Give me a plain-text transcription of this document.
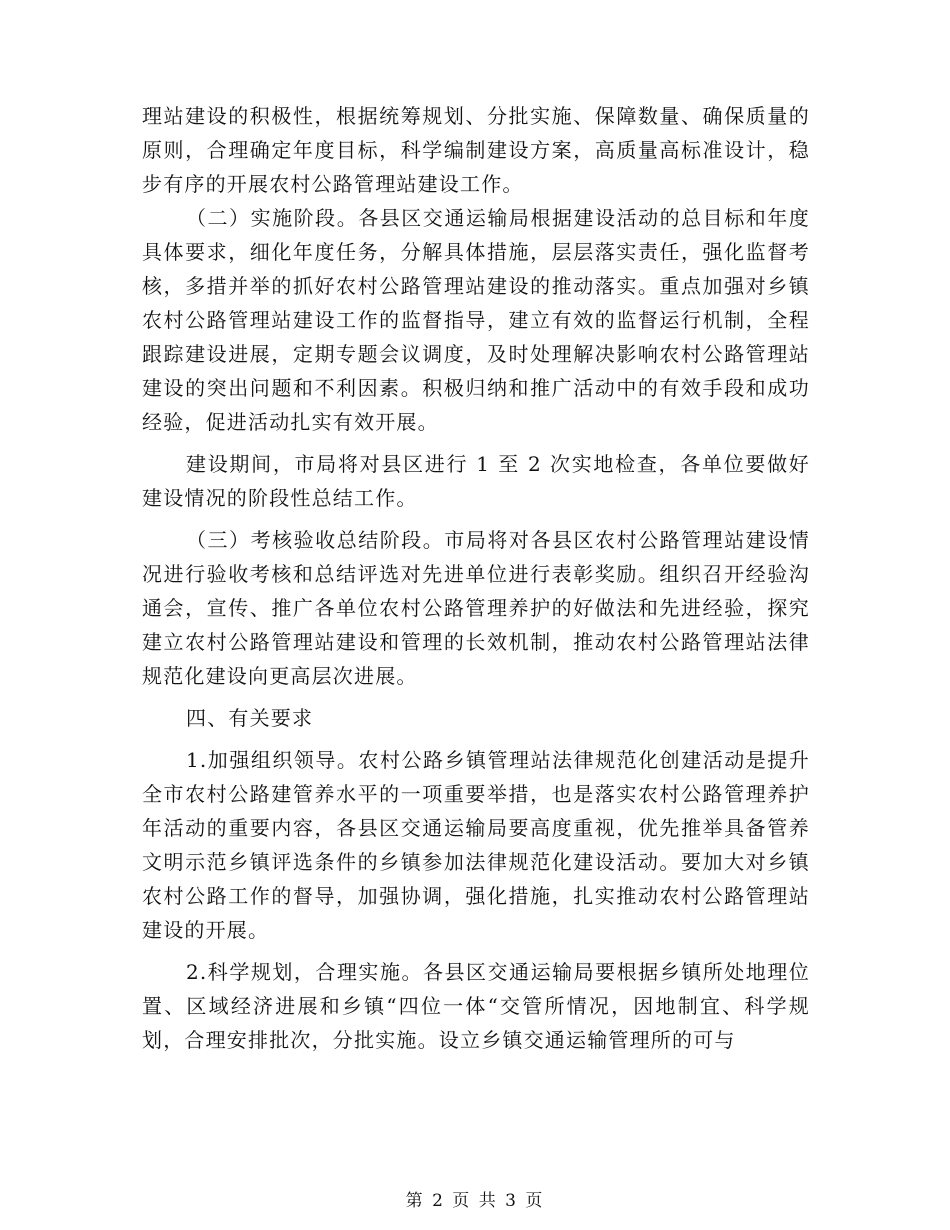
理站建设的积极性，根据统筹规划、分批实施、保障数量、确保质量的原则，合理确定年度目标，科学编制建设方案，高质量高标准设计，稳步有序的开展农村公路管理站建设工作。

（二）实施阶段。各县区交通运输局根据建设活动的总目标和年度具体要求，细化年度任务，分解具体措施，层层落实责任，强化监督考核，多措并举的抓好农村公路管理站建设的推动落实。重点加强对乡镇农村公路管理站建设工作的监督指导，建立有效的监督运行机制，全程跟踪建设进展，定期专题会议调度，及时处理解决影响农村公路管理站建设的突出问题和不利因素。积极归纳和推广活动中的有效手段和成功经验，促进活动扎实有效开展。

建设期间，市局将对县区进行 1 至 2 次实地检查，各单位要做好建设情况的阶段性总结工作。

（三）考核验收总结阶段。市局将对各县区农村公路管理站建设情况进行验收考核和总结评选对先进单位进行表彰奖励。组织召开经验沟通会，宣传、推广各单位农村公路管理养护的好做法和先进经验，探究建立农村公路管理站建设和管理的长效机制，推动农村公路管理站法律规范化建设向更高层次进展。

四、有关要求

1.加强组织领导。农村公路乡镇管理站法律规范化创建活动是提升全市农村公路建管养水平的一项重要举措，也是落实农村公路管理养护年活动的重要内容，各县区交通运输局要高度重视，优先推举具备管养文明示范乡镇评选条件的乡镇参加法律规范化建设活动。要加大对乡镇农村公路工作的督导，加强协调，强化措施，扎实推动农村公路管理站建设的开展。

2.科学规划，合理实施。各县区交通运输局要根据乡镇所处地理位置、区域经济进展和乡镇“四位一体“交管所情况，因地制宜、科学规划，合理安排批次，分批实施。设立乡镇交通运输管理所的可与

第 2 页 共 3 页
